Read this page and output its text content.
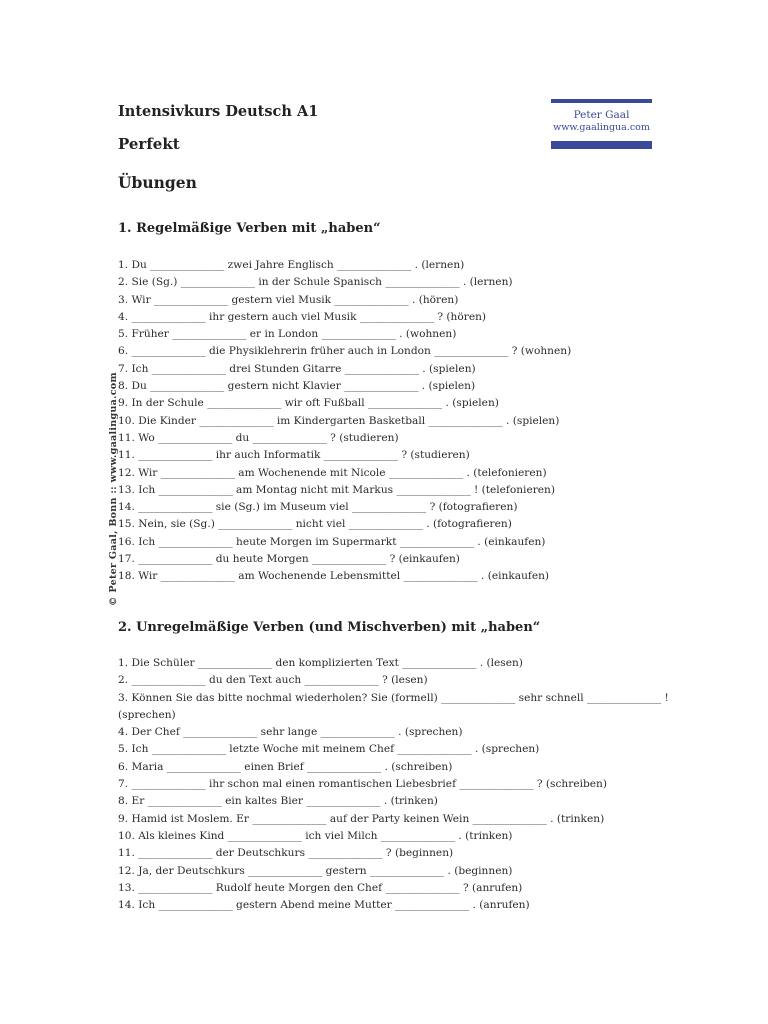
Intensivkurs Deutsch A1
Perfekt
Übungen
Peter Gaal
www.gaalingua.com
© Peter Gaal, Bonn :: www.gaalingua.com
1. Regelmäßige Verben mit „haben“
1. Du ______________ zwei Jahre Englisch ______________ . (lernen)
2. Sie (Sg.) ______________ in der Schule Spanisch ______________ . (lernen)
3. Wir ______________ gestern viel Musik ______________ . (hören)
4. ______________ ihr gestern auch viel Musik ______________ ? (hören)
5. Früher ______________ er in London ______________ . (wohnen)
6. ______________ die Physiklehrerin früher auch in London ______________ ? (wohnen)
7. Ich ______________ drei Stunden Gitarre ______________ . (spielen)
8. Du ______________ gestern nicht Klavier ______________ . (spielen)
9. In der Schule ______________ wir oft Fußball ______________ . (spielen)
10. Die Kinder ______________ im Kindergarten Basketball ______________ . (spielen)
11. Wo ______________ du ______________ ? (studieren)
11. ______________ ihr auch Informatik ______________ ? (studieren)
12. Wir ______________ am Wochenende mit Nicole ______________ . (telefonieren)
13. Ich ______________ am Montag nicht mit Markus ______________ ! (telefonieren)
14. ______________ sie (Sg.) im Museum viel ______________ ? (fotografieren)
15. Nein, sie (Sg.) ______________ nicht viel ______________ . (fotografieren)
16. Ich ______________ heute Morgen im Supermarkt ______________ . (einkaufen)
17. ______________ du heute Morgen ______________ ? (einkaufen)
18. Wir ______________ am Wochenende Lebensmittel ______________ . (einkaufen)
2. Unregelmäßige Verben (und Mischverben) mit „haben“
1. Die Schüler ______________ den komplizierten Text ______________ . (lesen)
2. ______________ du den Text auch ______________ ? (lesen)
3. Können Sie das bitte nochmal wiederholen? Sie (formell) ______________ sehr schnell ______________ ! (sprechen)
4. Der Chef ______________ sehr lange ______________ . (sprechen)
5. Ich ______________ letzte Woche mit meinem Chef ______________ . (sprechen)
6. Maria ______________ einen Brief ______________ . (schreiben)
7. ______________ ihr schon mal einen romantischen Liebesbrief ______________ ? (schreiben)
8. Er ______________ ein kaltes Bier ______________ . (trinken)
9. Hamid ist Moslem. Er ______________ auf der Party keinen Wein ______________ . (trinken)
10. Als kleines Kind ______________ ich viel Milch ______________ . (trinken)
11. ______________ der Deutschkurs ______________ ? (beginnen)
12. Ja, der Deutschkurs ______________ gestern ______________ . (beginnen)
13. ______________ Rudolf heute Morgen den Chef ______________ ? (anrufen)
14. Ich ______________ gestern Abend meine Mutter ______________ . (anrufen)
